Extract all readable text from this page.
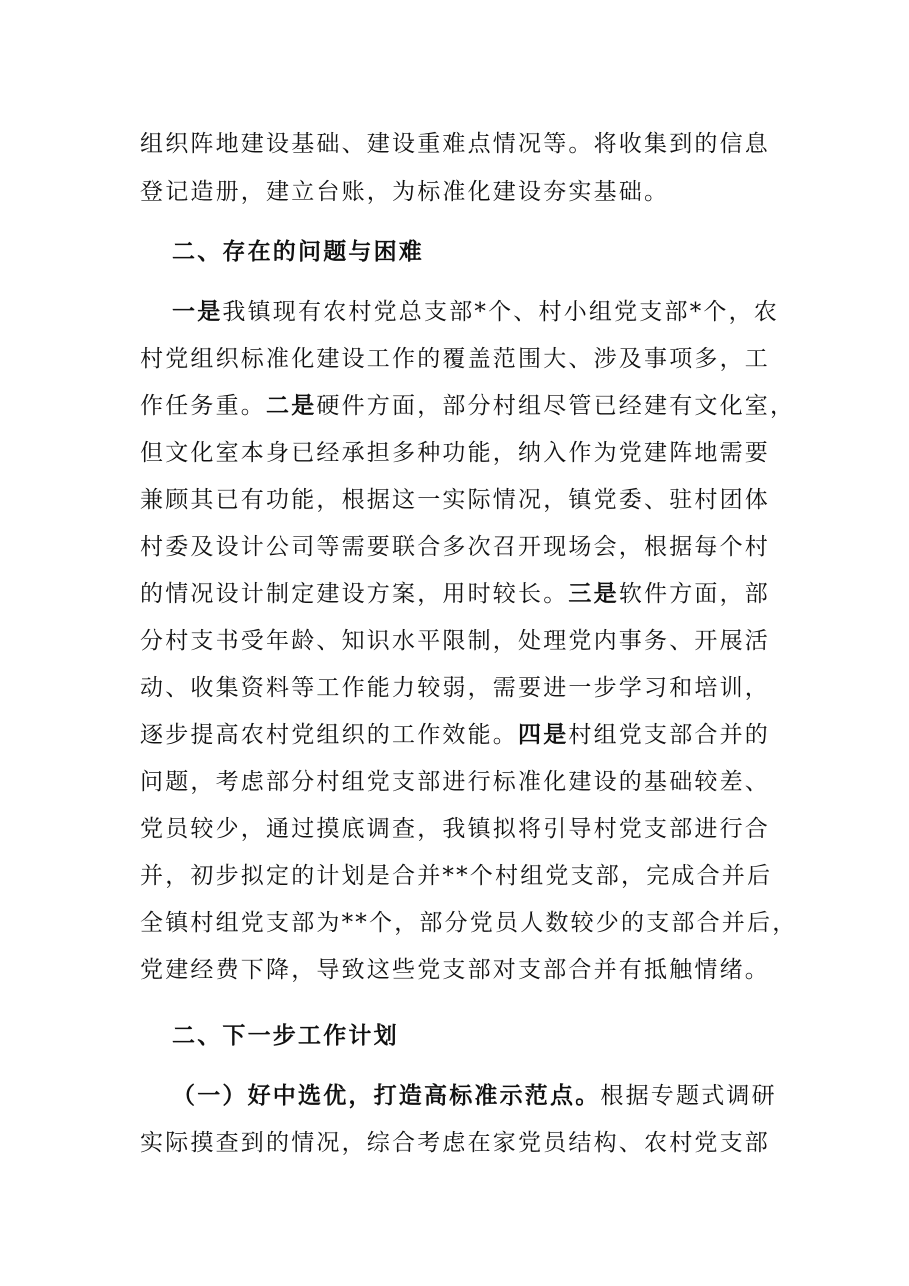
组织阵地建设基础、建设重难点情况等。将收集到的信息
登记造册，建立台账，为标准化建设夯实基础。
二、存在的问题与困难
一是我镇现有农村党总支部*个、村小组党支部*个，农
村党组织标准化建设工作的覆盖范围大、涉及事项多，工
作任务重。二是硬件方面，部分村组尽管已经建有文化室，
但文化室本身已经承担多种功能，纳入作为党建阵地需要
兼顾其已有功能，根据这一实际情况，镇党委、驻村团体
村委及设计公司等需要联合多次召开现场会，根据每个村
的情况设计制定建设方案，用时较长。三是软件方面，部
分村支书受年龄、知识水平限制，处理党内事务、开展活
动、收集资料等工作能力较弱，需要进一步学习和培训，
逐步提高农村党组织的工作效能。四是村组党支部合并的
问题，考虑部分村组党支部进行标准化建设的基础较差、
党员较少，通过摸底调查，我镇拟将引导村党支部进行合
并，初步拟定的计划是合并**个村组党支部，完成合并后
全镇村组党支部为**个，部分党员人数较少的支部合并后，
党建经费下降，导致这些党支部对支部合并有抵触情绪。
二、下一步工作计划
（一）好中选优，打造高标准示范点。根据专题式调研
实际摸查到的情况，综合考虑在家党员结构、农村党支部
